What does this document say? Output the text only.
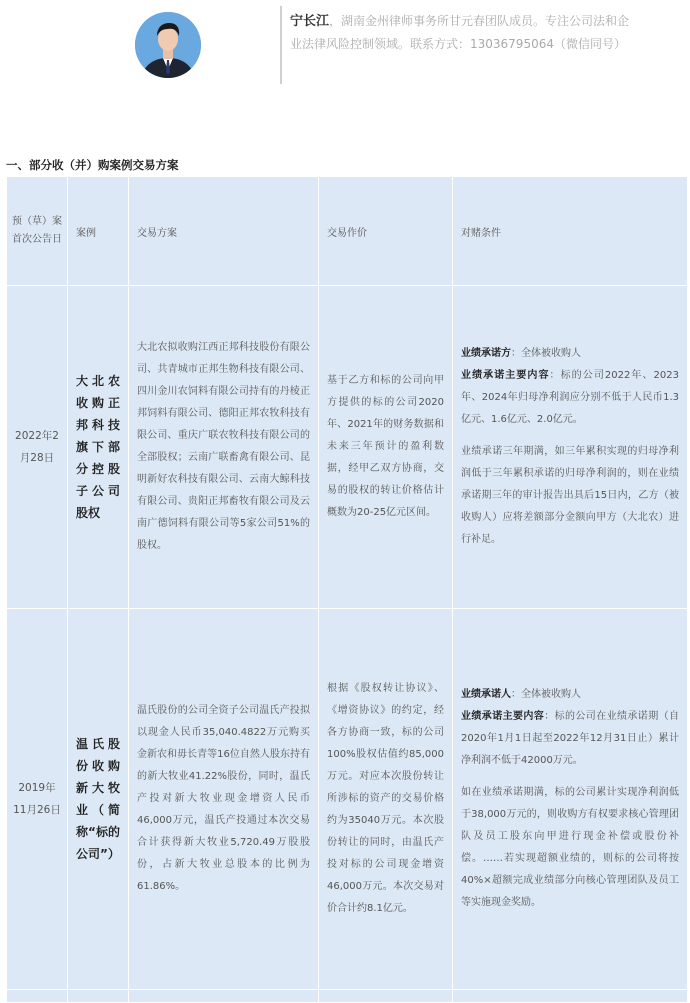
宁长江，湖南金州律师事务所甘元春团队成员。专注公司法和企业法律风险控制领域。联系方式：13036795064（微信同号）
一、部分收（并）购案例交易方案
预（草）案首次公告日	案例	交易方案	交易作价	对赌条件
2022年2月28日	大北农收购正邦科技旗下部分控股子公司股权	大北农拟收购江西正邦科技股份有限公司、共青城市正邦生物科技有限公司、四川金川农饲料有限公司持有的丹棱正邦饲料有限公司、德阳正邦农牧科技有限公司、重庆广联农牧科技有限公司的全部股权；云南广联畜禽有限公司、昆明新好农科技有限公司、云南大鲸科技有限公司、贵阳正邦畜牧有限公司及云南广德饲料有限公司等5家公司51%的股权。	基于乙方和标的公司向甲方提供的标的公司2020年、2021年的财务数据和未来三年预计的盈利数据，经甲乙双方协商，交易的股权的转让价格估计概数为20-25亿元区间。	业绩承诺方：全体被收购人

业绩承诺主要内容：标的公司2022年、2023年、2024年归母净利润应分别不低于人民币1.3亿元、1.6亿元、2.0亿元。

业绩承诺三年期满，如三年累积实现的归母净利润低于三年累积承诺的归母净利润的，则在业绩承诺期三年的审计报告出具后15日内，乙方（被收购人）应将差额部分金额向甲方（大北农）进行补足。

2019年11月26日	温氏股份收购新大牧业（简称“标的公司”）	温氏股份的公司全资子公司温氏产投拟以现金人民币35,040.4822万元购买金新农和毋长青等16位自然人股东持有的新大牧业41.22%股份，同时，温氏产投对新大牧业现金增资人民币46,000万元，温氏产投通过本次交易合计获得新大牧业5,720.49万股股份，占新大牧业总股本的比例为61.86%。	根据《股权转让协议》、《增资协议》的约定，经各方协商一致，标的公司100%股权估值约85,000万元。对应本次股份转让所涉标的资产的交易价格约为35040万元。本次股份转让的同时，由温氏产投对标的公司现金增资46,000万元。本次交易对价合计约8.1亿元。	业绩承诺人：全体被收购人

业绩承诺主要内容：标的公司在业绩承诺期（自2020年1月1日起至2022年12月31日止）累计净利润不低于42000万元。

如在业绩承诺期满，标的公司累计实现净利润低于38,000万元的，则收购方有权要求核心管理团队及员工股东向甲进行现金补偿或股份补偿。……若实现超额业绩的，则标的公司将按40%×超额完成业绩部分向核心管理团队及员工等实施现金奖励。
